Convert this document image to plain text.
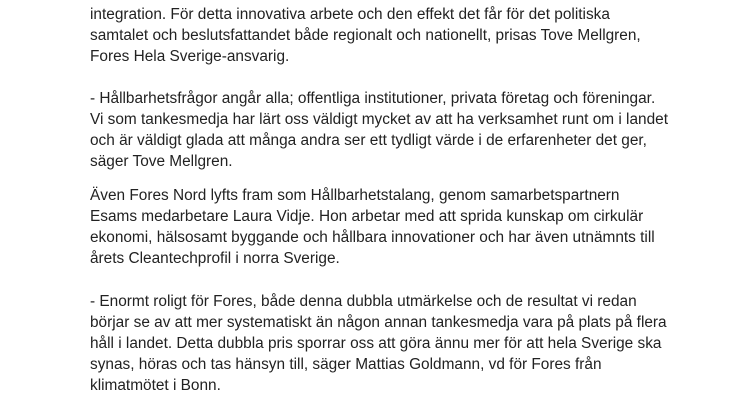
integration. För detta innovativa arbete och den effekt det får för det politiska
samtalet och beslutsfattandet både regionalt och nationellt, prisas Tove Mellgren,
Fores Hela Sverige-ansvarig.

- Hållbarhetsfrågor angår alla; offentliga institutioner, privata företag och föreningar.
Vi som tankesmedja har lärt oss väldigt mycket av att ha verksamhet runt om i landet
och är väldigt glada att många andra ser ett tydligt värde i de erfarenheter det ger,
säger Tove Mellgren.

Även Fores Nord lyfts fram som Hållbarhetstalang, genom samarbetspartnern
Esams medarbetare Laura Vidje. Hon arbetar med att sprida kunskap om cirkulär
ekonomi, hälsosamt byggande och hållbara innovationer och har även utnämnts till
årets Cleantechprofil i norra Sverige.

- Enormt roligt för Fores, både denna dubbla utmärkelse och de resultat vi redan
börjar se av att mer systematiskt än någon annan tankesmedja vara på plats på flera
håll i landet. Detta dubbla pris sporrar oss att göra ännu mer för att hela Sverige ska
synas, höras och tas hänsyn till, säger Mattias Goldmann, vd för Fores från
klimatmötet i Bonn.
